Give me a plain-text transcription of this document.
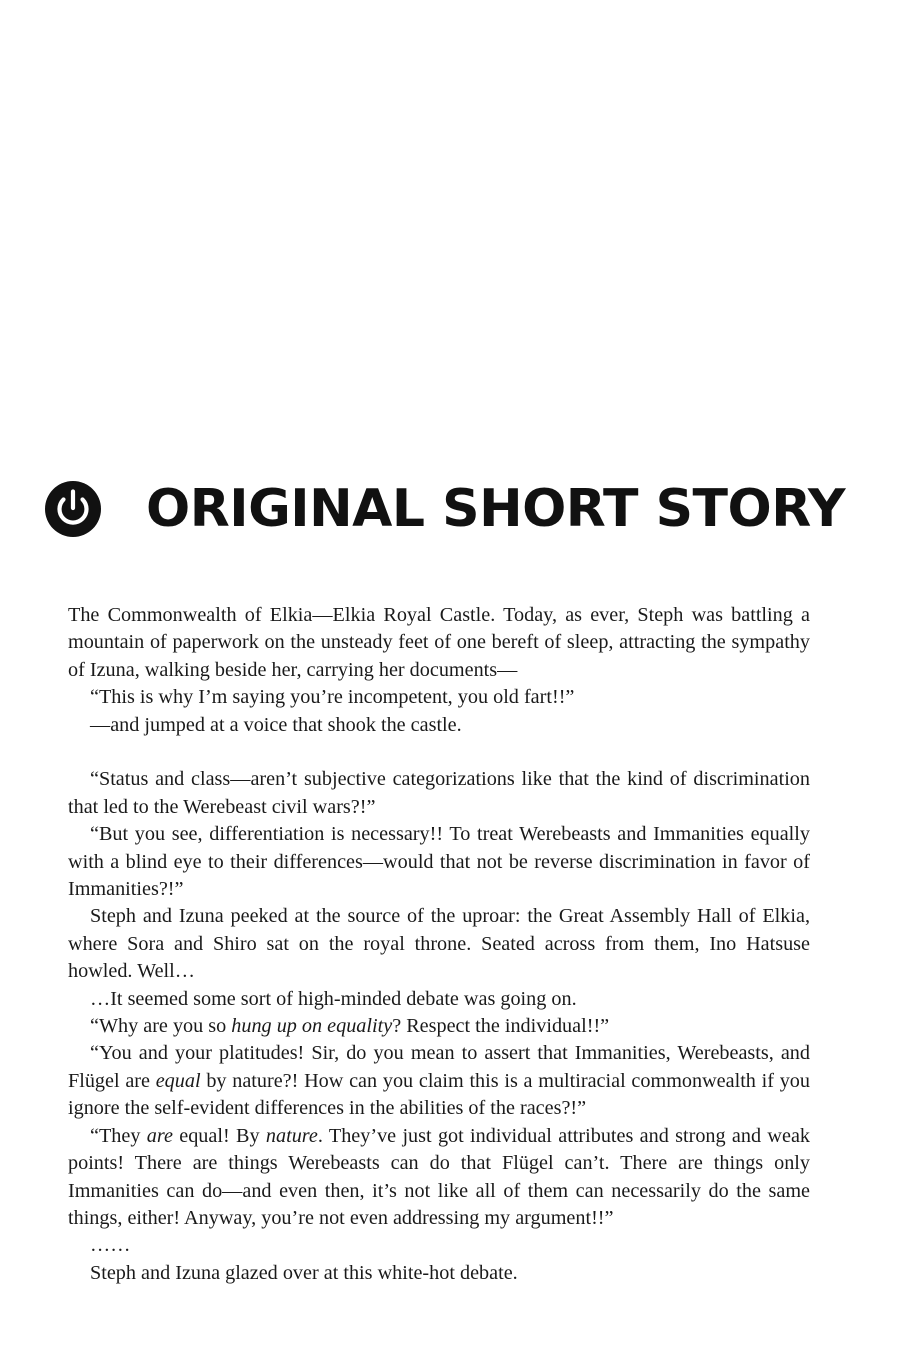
ORIGINAL SHORT STORY

The Commonwealth of Elkia—Elkia Royal Castle. Today, as ever, Steph was battling a mountain of paperwork on the unsteady feet of one bereft of sleep, attracting the sympathy of Izuna, walking beside her, carrying her documents—

“This is why I’m saying you’re incompetent, you old fart!!”

—and jumped at a voice that shook the castle.

“Status and class—aren’t subjective categorizations like that the kind of discrimination that led to the Werebeast civil wars?!”

“But you see, differentiation is necessary!! To treat Werebeasts and Immanities equally with a blind eye to their differences—would that not be reverse discrimination in favor of Immanities?!”

Steph and Izuna peeked at the source of the uproar: the Great Assembly Hall of Elkia, where Sora and Shiro sat on the royal throne. Seated across from them, Ino Hatsuse howled. Well…

…It seemed some sort of high-minded debate was going on.

“Why are you so hung up on equality? Respect the individual!!”

“You and your platitudes! Sir, do you mean to assert that Immanities, Werebeasts, and Flügel are equal by nature?! How can you claim this is a multiracial commonwealth if you ignore the self-evident differences in the abilities of the races?!”

“They are equal! By nature. They’ve just got individual attributes and strong and weak points! There are things Werebeasts can do that Flügel can’t. There are things only Immanities can do—and even then, it’s not like all of them can necessarily do the same things, either! Anyway, you’re not even addressing my argument!!”

……

Steph and Izuna glazed over at this white-hot debate.
